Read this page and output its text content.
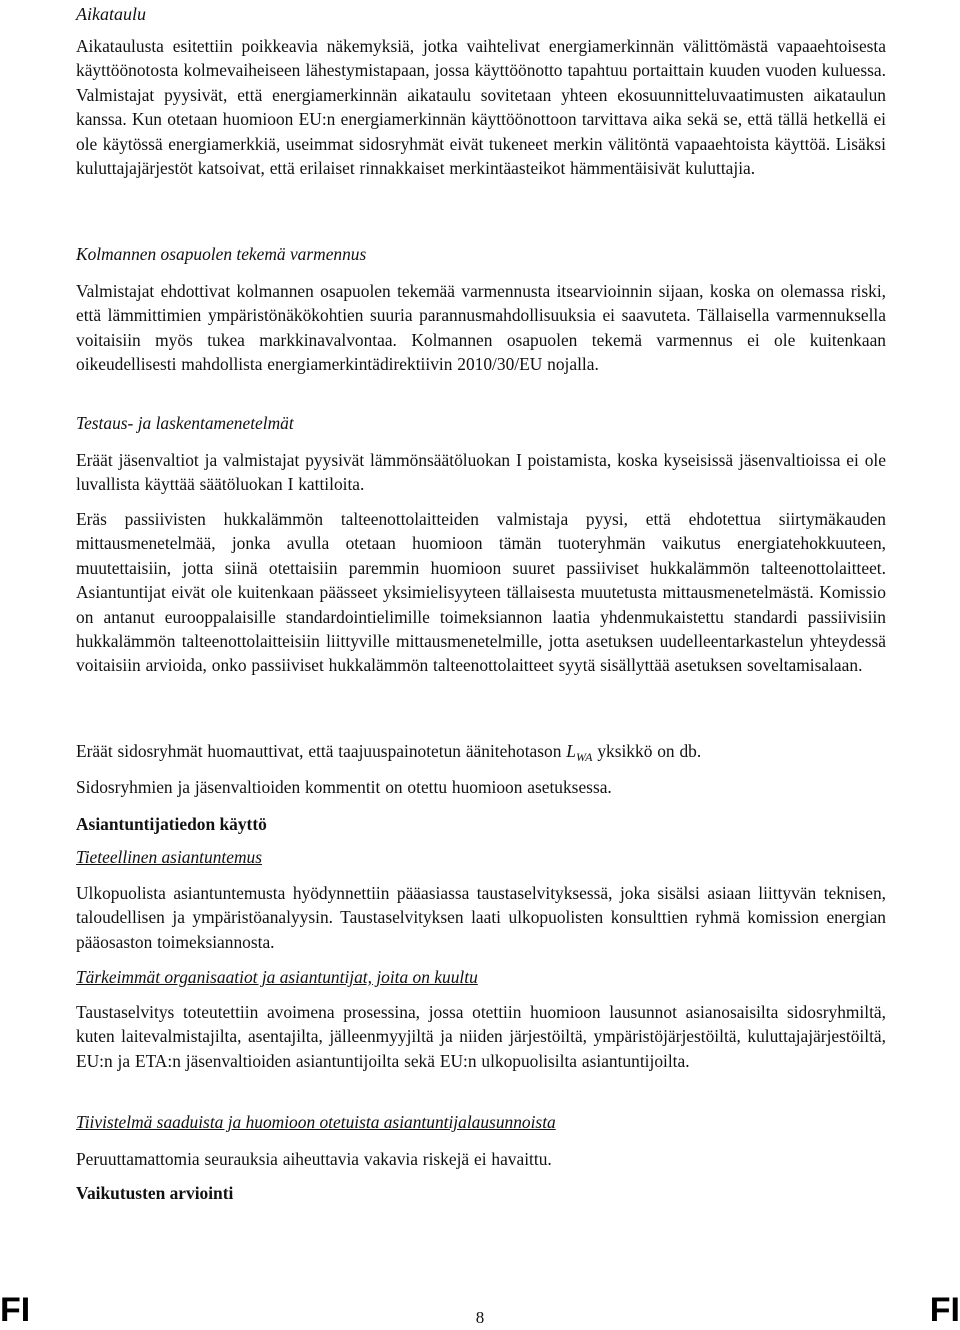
Aikataulu

Aikataulusta esitettiin poikkeavia näkemyksiä, jotka vaihtelivat energiamerkinnän välittömästä vapaaehtoisesta käyttöönotosta kolmevaiheiseen lähestymistapaan, jossa käyttöönotto tapahtuu portaittain kuuden vuoden kuluessa. Valmistajat pyysivät, että energiamerkinnän aikataulu sovitetaan yhteen ekosuunnitteluvaatimusten aikataulun kanssa. Kun otetaan huomioon EU:n energiamerkinnän käyttöönottoon tarvittava aika sekä se, että tällä hetkellä ei ole käytössä energiamerkkiä, useimmat sidosryhmät eivät tukeneet merkin välitöntä vapaaehtoista käyttöä. Lisäksi kuluttajajärjestöt katsoivat, että erilaiset rinnakkaiset merkintäasteikot hämmentäisivät kuluttajia.

Kolmannen osapuolen tekemä varmennus

Valmistajat ehdottivat kolmannen osapuolen tekemää varmennusta itsearvioinnin sijaan, koska on olemassa riski, että lämmittimien ympäristönäkökohtien suuria parannusmahdollisuuksia ei saavuteta. Tällaisella varmennuksella voitaisiin myös tukea markkinavalvontaa. Kolmannen osapuolen tekemä varmennus ei ole kuitenkaan oikeudellisesti mahdollista energiamerkintädirektiivin 2010/30/EU nojalla.

Testaus- ja laskentamenetelmät

Eräät jäsenvaltiot ja valmistajat pyysivät lämmönsäätöluokan I poistamista, koska kyseisissä jäsenvaltioissa ei ole luvallista käyttää säätöluokan I kattiloita.

Eräs passiivisten hukkalämmön talteenottolaitteiden valmistaja pyysi, että ehdotettua siirtymäkauden mittausmenetelmää, jonka avulla otetaan huomioon tämän tuoteryhmän vaikutus energiatehokkuuteen, muutettaisiin, jotta siinä otettaisiin paremmin huomioon suuret passiiviset hukkalämmön talteenottolaitteet. Asiantuntijat eivät ole kuitenkaan päässeet yksimielisyyteen tällaisesta muutetusta mittausmenetelmästä. Komissio on antanut eurooppalaisille standardointielimille toimeksiannon laatia yhdenmukaistettu standardi passiivisiin hukkalämmön talteenottolaitteisiin liittyville mittausmenetelmille, jotta asetuksen uudelleentarkastelun yhteydessä voitaisiin arvioida, onko passiiviset hukkalämmön talteenottolaitteet syytä sisällyttää asetuksen soveltamisalaan.

Eräät sidosryhmät huomauttivat, että taajuuspainotetun äänitehotason $L_{WA}$ yksikkö on db.

Sidosryhmien ja jäsenvaltioiden kommentit on otettu huomioon asetuksessa.

Asiantuntijatiedon käyttö

Tieteellinen asiantuntemus

Ulkopuolista asiantuntemusta hyödynnettiin pääasiassa taustaselvityksessä, joka sisälsi asiaan liittyvän teknisen, taloudellisen ja ympäristöanalyysin. Taustaselvityksen laati ulkopuolisten konsulttien ryhmä komission energian pääosaston toimeksiannosta.

Tärkeimmät organisaatiot ja asiantuntijat, joita on kuultu

Taustaselvitys toteutettiin avoimena prosessina, jossa otettiin huomioon lausunnot asianosaisilta sidosryhmiltä, kuten laitevalmistajilta, asentajilta, jälleenmyyjiltä ja niiden järjestöiltä, ympäristöjärjestöiltä, kuluttajajärjestöiltä, EU:n ja ETA:n jäsenvaltioiden asiantuntijoilta sekä EU:n ulkopuolisilta asiantuntijoilta.

Tiivistelmä saaduista ja huomioon otetuista asiantuntijalausunnoista

Peruuttamattomia seurauksia aiheuttavia vakavia riskejä ei havaittu.

Vaikutusten arviointi

FI	8	FI
